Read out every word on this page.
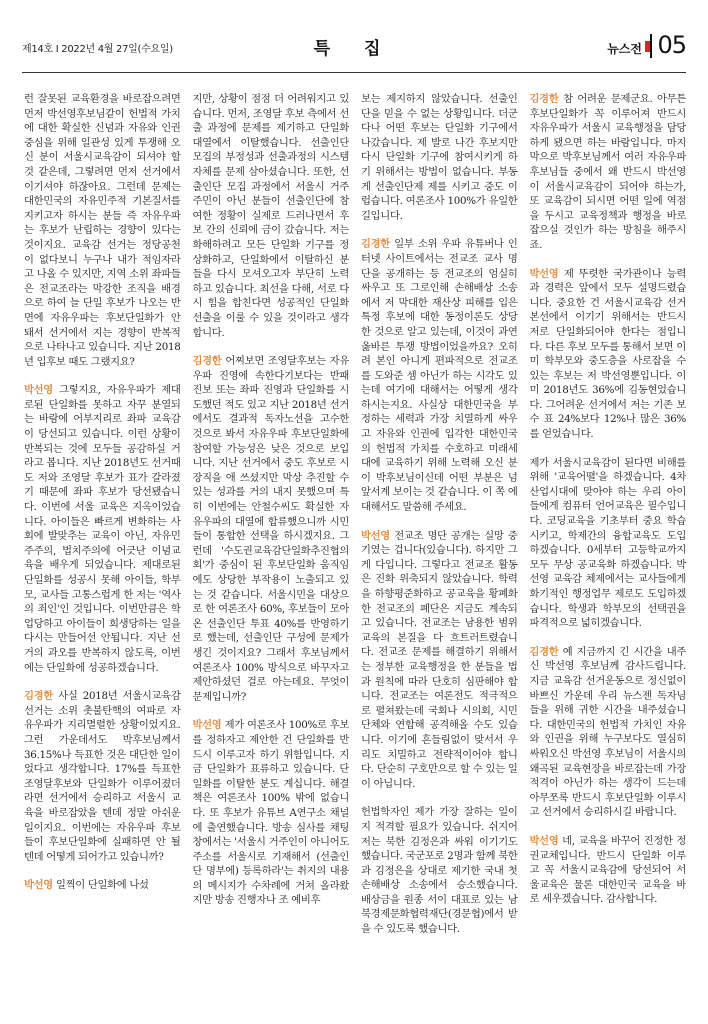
제14호 I 2022년 4월 27일(수요일)	특 집	뉴스전 05

런 잘못된 교육환경을 바로잡으려면 먼저 박선영후보님같이 헌법적 가치에 대한 확실한 신념과 자유와 인권 중심을 위해 일관성 있게 투쟁해 오신 분이 서울시교육감이 되셔야 할 것 같은데, 그렇려면 먼저 선거에서 이기셔야 하잖아요. 그런데 문제는 대한민국의 자유민주적 기본질서를 지키고자 하시는 분들 즉 자유우파는 후보가 난립하는 경향이 있다는 것이지요. 교육감 선거는 정당공천이 없다보니 누구나 내가 적임자라고 나올 수 있지만, 지역 소위 좌파들은 전교조라는 막강한 조직을 배경으로 하여 늘 단일 후보가 나오는 반면에 자유우파는 후보단일화가 안 돼서 선거에서 지는 경향이 반복적으로 나타나고 있습니다. 지난 2018년 입후보 때도 그랬지요?

박선영 그렇지요, 자유우파가 제대로된 단일화를 못하고 자꾸 분열되는 바람에 어부지리로 좌파 교육감이 당선되고 있습니다. 이런 상황이 반복되는 것에 모두들 공감하실 거라고 봅니다. 지난 2018년도 선거때도 저와 조영달 후보가 표가 갈라졌기 때문에 좌파 후보가 당선됐습니다. 이번에 서울 교육은 지옥이었습니다. 아이들은 빠르게 변화하는 사회에 발맞추는 교육이 아닌, 자유민주주의, 법치주의에 어긋난 이념교육을 배우게 되었습니다. 제대로된 단일화를 성공시 못해 아이들, 학부모, 교사들 고통스럽게 한 저는 '역사의 죄인'인 것입니다. 이번만큼은 학업당하고 아이들이 희생당하는 일을 다시는 만들어선 안됩니다. 지난 선거의 과오를 반복하지 않도록, 이번에는 단일화에 성공하겠습니다.

김경한 사실 2018년 서울시교육감 선거는 소위 촛불탄핵의 여파로 자유우파가 지리멸렬한 상황이었지요. 그런 가운데서도 박후보님께서 36.15%나 득표한 것은 대단한 일이었다고 생각합니다. 17%를 득표한 조영달후보와 단일화가 이루어졌더라면 선거에서 승리하고 서울시 교육을 바로잡았을 텐데 정말 아쉬운 일이지요. 이번에는 자유우파 후보들이 후보단일화에 실패하면 안 될 텐데 어떻게 되어가고 있습니까?

박선영 일찍이 단일화에 나섰

지만, 상황이 점점 더 어려워지고 있습니다. 먼저, 조영달 후보 측에서 선출 과정에 문제를 제기하고 단일화 대열에서 이탈했습니다. 선출인단 모집의 부정성과 선출과정의 시스템 자체를 문제 삼아셨습니다. 또한, 선출인단 모집 과정에서 서울시 거주 주민이 아닌 분들이 선출인단에 참여한 정황이 실제로 드러나면서 후보 간의 신뢰에 금이 갔습니다. 저는 화해하려고 모든 단일화 기구를 정상화하고, 단일화에서 이탈하신 분들을 다시 모셔오고자 부단히 노력하고 있습니다. 최선을 다해, 서로 다시 힘을 합친다면 성공적인 단일화 선출을 이룰 수 있을 것이라고 생각합니다.

김경한 어찌보면 조영달후보는 자유우파 진영에 속한다기보다는 반패 진보 또는 좌파 진영과 단일화를 시도했던 적도 있고 지난 2018년 선거에서도 결과적 독자노선을 고수한 것으로 봐서 자유우파 후보단일화에 참여할 가능성은 낮은 것으로 보입니다. 지난 선거에서 중도 후보로 시장직을 애 쓰셨지만 막상 추진할 수 있는 성과를 거의 내지 못했으며 특히 이번에는 안철수씨도 확실한 자유우파의 대열에 합류했으니까 시민들이 통합한 선택을 하시겠지요. 그런데 '수도권교육감단일화추진협의회'가 중심이 된 후보단일화 움직임에도 상당한 부작용이 노출되고 있는 것 같습니다. 서울시민을 대상으로 한 여론조사 60%, 후보들이 모아온 선출인단 투표 40%를 반영하기로 했는데, 선출인단 구성에 문제가 생긴 것이지요? 그래서 후보님께서 여론조사 100% 방식으로 바꾸자고 제안하셨던 걸로 아는데요. 무엇이 문제입니까?

박선영 제가 여론조사 100%로 후보를 정하자고 제안한 건 단일화를 반드시 이루고자 하기 위함입니다. 지금 단일화가 표류하고 있습니다. 단일화를 이탈한 분도 계십니다. 해결책은 여론조사 100% 밖에 없습니다. 또 후보가 유튜브 A연구소 채널에 출연했습니다. 방송 심사를 채팅창에서는 '서울시 거주인이 아니어도 주소를 서울시로 기재해서 (선출인단 명부에) 등록하라'는 취지의 내용의 메시지가 수차례에 거쳐 올라왔지만 방송 진행자나 조 예비후

보는 제지하지 않았습니다. 선출인단을 믿을 수 없는 상황입니다. 더군다나 어떤 후보는 단일화 기구에서 나갔습니다. 제 발로 나간 후보지만 다시 단일화 기구에 참여시키게 하기 위해서는 방법이 없습니다. 부동게 선출인단제 제를 시키고 중도 이럽습니다. 여론조사 100%가 유일한 길입니다.

김경한 일부 소위 우파 유튜버나 인터넷 사이트에서는 전교조 교사 명단을 공개하는 등 전교조의 엄실히 싸우고 또 그로인해 손해배상 소송에서 저 막대한 재산상 피해를 입은 특정 후보에 대한 동정이론도 상당한 것으로 알고 있는데, 이것이 과연 옳바른 투쟁 방법이었을까요? 오히려 본인 아니게 편파적으로 전교조를 도와준 셈 아닌가 하는 시각도 있는데 여기에 대해서는 어떻게 생각하시는지요. 사실상 대한민국을 부정하는 세력과 가장 치열하게 싸우고 자유와 인권에 입각한 대한민국의 헌법적 가치를 수호하고 미래세대에 교육하기 위해 노력해 오신 분이 박후보님이신데 어떤 부분은 넘 앞서계 보이는 것 같습니다. 이 쪽 에 대해서도 말씀해 주세요.

박선영 전교조 명단 공개는 실망 중기였는 겁니다(있습니다). 하지만 그게 다입니다. 그렇다고 전교조 활동은 진화 위축되지 않았습니다. 학력을 하향평준화하고 공교육을 황폐화한 전교조의 폐단은 지금도 계속되고 있습니다. 전교조는 남용한 범위 교육의 본질을 다 흐트러트렸습니다. 전교조 문제를 해결하기 위해서는 정부한 교육행정을 한 분들을 법과 원칙에 따라 단호히 심판해야 합니다. 전교조는 여론전도 적극적으로 펼쳐왔는데 국회나 시의회, 시민단체와 연합해 공격해올 수도 있습니다. 이기에 흔들림없이 맞서서 우리도 치밀하고 전략적이어야 합니다. 단순히 구호만으로 할 수 있는 일이 아닙니다.

헌법학자인 제가 가장 잘하는 일이지 적격할 필요가 있습니다. 쉬지어 저는 북한 김정은과 싸워 이기기도 했습니다. 국군포로 2명과 함께 북한과 김정은을 상대로 제기한 국내 첫 손해배상 소송에서 승소했습니다. 배상금을 원종 서이 대표로 있는 남북경제문화협력재단(경문협)에서 받을 수 있도록 했습니다.

김경한 참 어려운 문제군요. 아무튼 후보단일화가 꼭 이루어져 반드시 자유우파가 서울시 교육행정을 담당하게 됐으면 하는 바람입니다. 마지막으로 박후보님께서 여러 자유우파 후보님들 중에서 왜 반드시 박선영이 서울시교육감이 되어야 하는가, 또 교육감이 되시면 어떤 일에 역점을 두시고 교육정책과 행정을 바로잡으실 것인가 하는 방침을 해주시죠.

박선영 제 뚜렷한 국가관이나 능력과 경력은 앞에서 모두 설명드렸습니다. 중요한 건 서울시교육감 선거 본선에서 이기기 위해서는 반드시 저로 단일화되어야 한다는 점입니다. 다른 후보 모두를 통해서 보면 이미 학부모와 중도층을 사로잡을 수 있는 후보는 저 박선영뿐입니다. 이미 2018년도 36%에 김동현었습니다. 그어려운 선거에서 저는 기존 보수 표 24%보다 12%나 많은 36%를 얻었습니다.

제가 서울시교육감이 된다면 비해를 위해 '교육어뗠'을 하겠습니다. 4차 산업시대에 맞아야 하는 우리 아이들에게 컴퓨터 언어교육은 필수입니다. 코딩교육을 기초부터 중요 학습시키고, 학제간의 융합교육도 도입하겠습니다. 0세부터 고등학교까지 모두 무상 공교육화 하겠습니다. 박선영 교육감 체제에서는 교사들에게 화기적인 행정업무 제로도 도입하겠습니다. 학생과 학부모의 선택권을 파격적으로 넓히겠습니다.

김경한 예 지금까지 긴 시간을 내주신 박선영 후보님께 감사드립니다. 지금 교육감 선거운동으로 정신없이 바쁘신 가운데 우리 뉴스젠 독자님들을 위해 귀한 시간을 내주셨습니다. 대한민국의 헌법적 가치인 자유와 인권을 위해 누구보다도 열심히 싸워오신 박선영 후보님이 서울시의 왜곡된 교육현장을 바로잡는데 가장 적격이 아닌가 하는 생각이 드는데 아무쪼록 반드시 후보단일화 이루시고 선거에서 승리하시길 바랍니다.

박선영 네, 교육을 바꾸어 진정한 정권교체입니다. 반드시 단일화 이루고 꼭 서울시교육감에 당선되어 서울교육은 물론 대한민국 교육을 바로 세우겠습니다. 감사합니다.
